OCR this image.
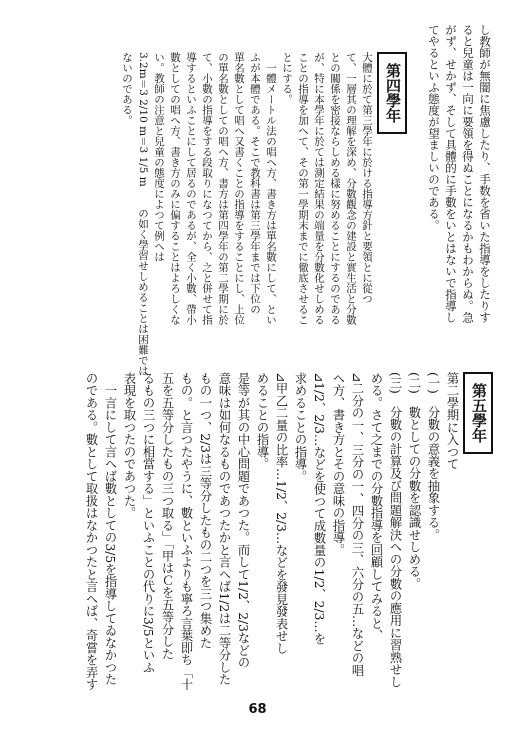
し教師が無闇に焦慮したり、手数を省いた指導をしたりす
ると兒童は一向に要領を得ぬことになるかもわからぬ。急
がず、せかず、そして具體的に手數をいとはないで指導し
てやるといふ態度が望ましいのである。
第四學年
大體に於て第三學年に於ける指導方針と要領とに從つ
て、一層其の理解を深め、分數觀念の建設と實生活と分數
との關係を密接ならしめる樣に努めることにするのである
が、特に本學年に於ては測定結果の端量を分數化せしめる
ことの指導を加へて、その第一學期末までに徹底させるこ
とにする。
　一體メートル法の唱へ方、書き方は單名數にして、とい
ふが本體である。そこで教科書は第三學年までは下位の
單名數として唱へ又書くことの指導をすることにし、上位
の單名數としての唱へ方、書方は第四學年の第二學期に於
て、小數の指導をする段取りになつてから、之と併せて指
導するといふことにして居るのであるが、全く小數、帶小
數としての唱へ方、書き方のみに偏することはよろしくな
い。教師の注意と兒童の態度によつて例へは
3.2m＝3 2/10 m＝3 1/5 m　　の如く學習せしめることは困難では
ないのである。
第五學年
第二學期に入つて
(一)　分數の意義を抽象する。
(二)　數としての分數を認識せしめる。
(三)　分數の計算及び問題解決への分數の應用に習熟せし
める。さて之までの分數指導を回顧してみると、
⊿二分の一、三分の一、四分の三、六分の五…などの唱
へ方、書き方とその意味の指導。
⊿1/2、2/3…などを使つて成數量の1/2、2/3…を
求めることの指導。
⊿甲乙二量の比率…1/2、2/3…などを發見發表せし
めることの指導。
是等が其の中心問題であつた。而して1/2、2/3などの
意味は如何なるものであつたかと言へば1/2は二等分した
もの一つ、2/3は三等分したもの二つを三つ集めた
もの。と言つたやうに、數といふよりも寧ろ言葉即ち「十
五を五等分したもの三つ取る」「甲はＣを五等分した
るもの三つに相當する」といふことの代りに3/5といふ
表現を取つたのであつた。
　一言にして言へば數としての3/5を指導してゐなかつた
のである。數として取扱はなかつたと言へば、奇嘗を弄す
68
